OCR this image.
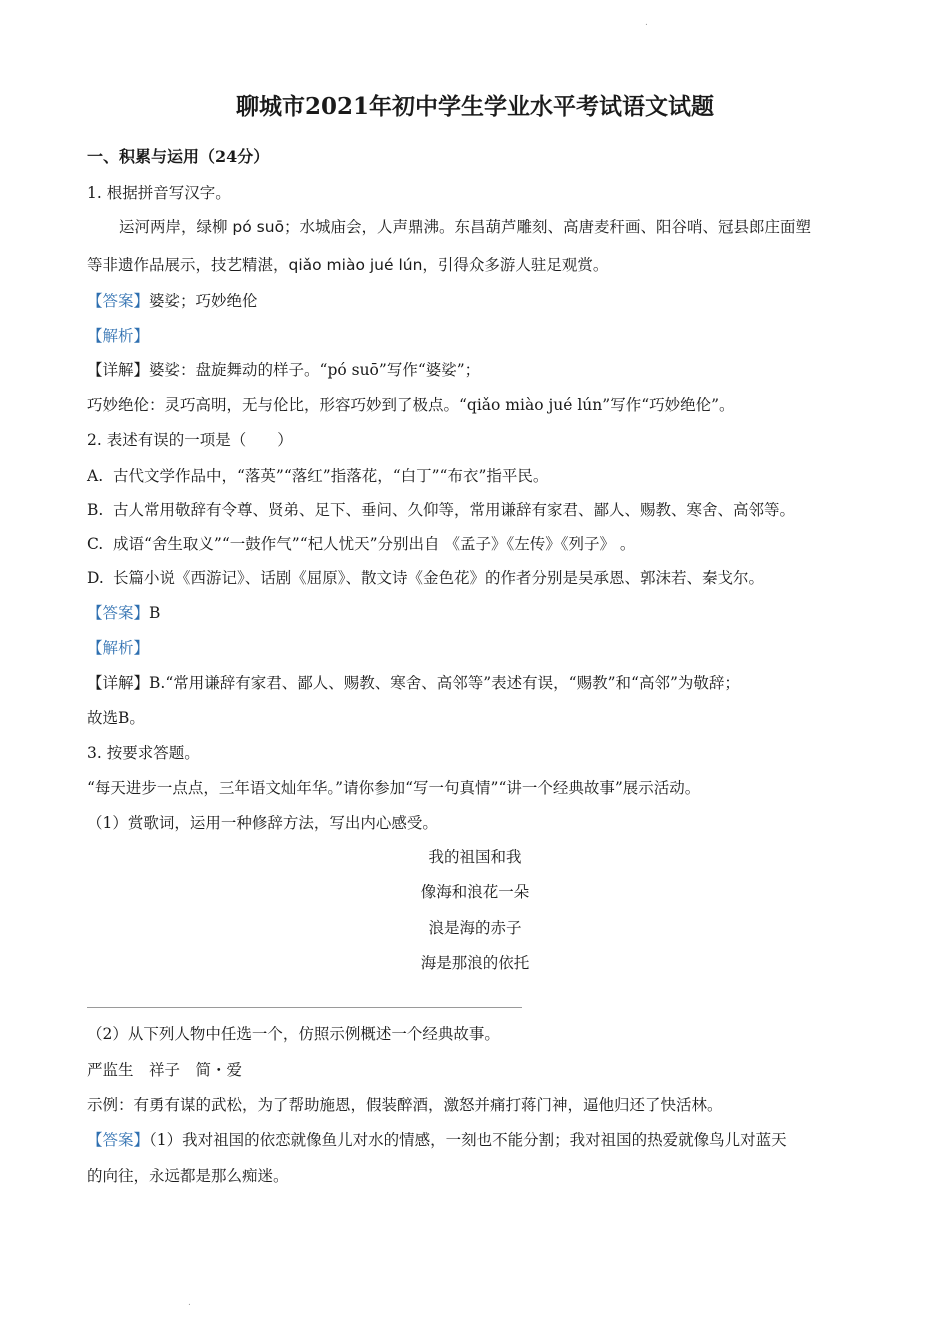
.
聊城市2021年初中学生学业水平考试语文试题
一、积累与运用（24分）
1. 根据拼音写汉字。
运河两岸，绿柳 pó suō；水城庙会，人声鼎沸。东昌葫芦雕刻、高唐麦秆画、阳谷哨、冠县郎庄面塑
等非遗作品展示，技艺精湛，qiǎo miào jué lún，引得众多游人驻足观赏。
【答案】婆娑；巧妙绝伦
【解析】
【详解】婆娑：盘旋舞动的样子。“pó suō”写作“婆娑”；
巧妙绝伦：灵巧高明，无与伦比，形容巧妙到了极点。“qiǎo miào jué lún”写作“巧妙绝伦”。
2. 表述有误的一项是（　　）
A. 古代文学作品中，“落英”“落红”指落花，“白丁”“布衣”指平民。
B. 古人常用敬辞有令尊、贤弟、足下、垂问、久仰等，常用谦辞有家君、鄙人、赐教、寒舍、高邻等。
C. 成语“舍生取义”“一鼓作气”“杞人忧天”分别出自 《孟子》《左传》《列子》 。
D. 长篇小说《西游记》、话剧《屈原》、散文诗《金色花》的作者分别是吴承恩、郭沫若、秦戈尔。
【答案】B
【解析】
【详解】B.“常用谦辞有家君、鄙人、赐教、寒舍、高邻等”表述有误，“赐教”和“高邻”为敬辞；
故选B。
3. 按要求答题。
“每天进步一点点，三年语文灿年华。”请你参加“写一句真情”“讲一个经典故事”展示活动。
（1）赏歌词，运用一种修辞方法，写出内心感受。
我的祖国和我
像海和浪花一朵
浪是海的赤子
海是那浪的依托
（2）从下列人物中任选一个，仿照示例概述一个经典故事。
严监生　祥子　简・爱
示例：有勇有谋的武松，为了帮助施恩，假装醉酒，激怒并痛打蒋门神，逼他归还了快活林。
【答案】（1）我对祖国的依恋就像鱼儿对水的情感，一刻也不能分割；我对祖国的热爱就像鸟儿对蓝天
的向往，永远都是那么痴迷。
.
